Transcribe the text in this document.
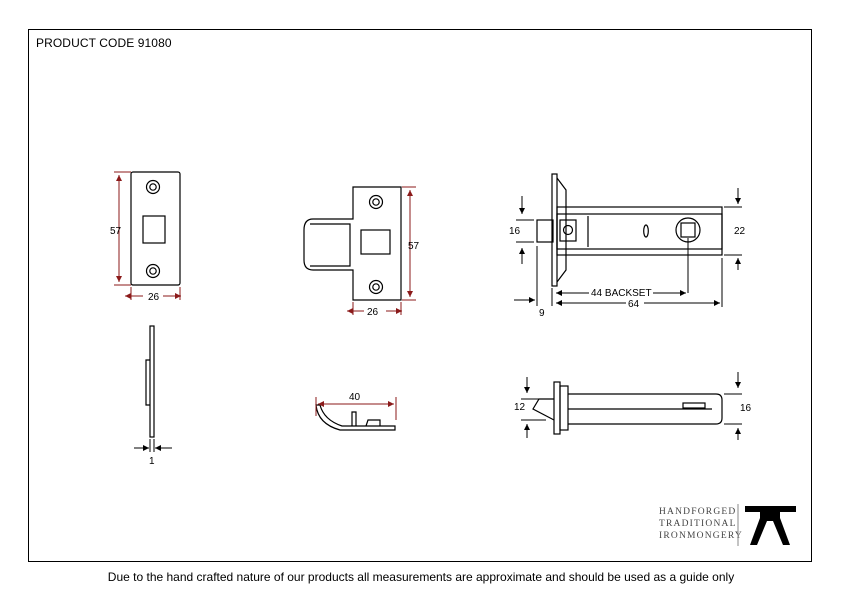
PRODUCT CODE 91080
57
26
57
26
16	22
44 BACKSET
64
9
1
40
12	16
HANDFORGED
TRADITIONAL
IRONMONGERY
Due to the hand crafted nature of our products all measurements are approximate and should be used as a guide only
